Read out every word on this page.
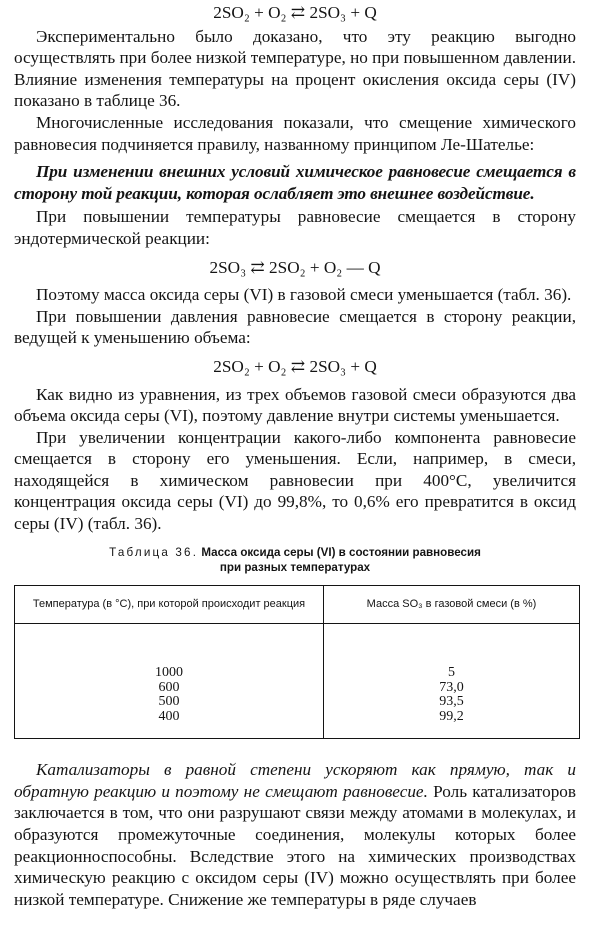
2SO₂ + O₂ ⇄ 2SO₃ + Q

Экспериментально было доказано, что эту реакцию выгодно осуществлять при более низкой температуре, но при повышенном давлении. Влияние изменения температуры на процент окисления оксида серы (IV) показано в таблице 36.

Многочисленные исследования показали, что смещение химического равновесия подчиняется правилу, названному принципом Ле-Шателье:

При изменении внешних условий химическое равновесие смещается в сторону той реакции, которая ослабляет это внешнее воздействие.

При повышении температуры равновесие смещается в сторону эндотермической реакции:

2SO₃ ⇄ 2SO₂ + O₂ — Q

Поэтому масса оксида серы (VI) в газовой смеси уменьшается (табл. 36).

При повышении давления равновесие смещается в сторону реакции, ведущей к уменьшению объема:

2SO₂ + O₂ ⇄ 2SO₃ + Q

Как видно из уравнения, из трех объемов газовой смеси образуются два объема оксида серы (VI), поэтому давление внутри системы уменьшается.

При увеличении концентрации какого-либо компонента равновесие смещается в сторону его уменьшения. Если, например, в смеси, находящейся в химическом равновесии при 400°С, увеличится концентрация оксида серы (VI) до 99,8%, то 0,6% его превратится в оксид серы (IV) (табл. 36).

Таблица 36. Масса оксида серы (VI) в состоянии равновесия
при разных температурах
Температура (в °С), при которой происходит реакция	Масса SO₃ в газовой смеси (в %)
1000	5
600	73,0
500	93,5
400	99,2

Катализаторы в равной степени ускоряют как прямую, так и обратную реакцию и поэтому не смещают равновесие. Роль катализаторов заключается в том, что они разрушают связи между атомами в молекулах, и образуются промежуточные соединения, молекулы которых более реакционноспособны. Вследствие этого на химических производствах химическую реакцию с оксидом серы (IV) можно осуществлять при более низкой температуре. Снижение же температуры в ряде случаев
